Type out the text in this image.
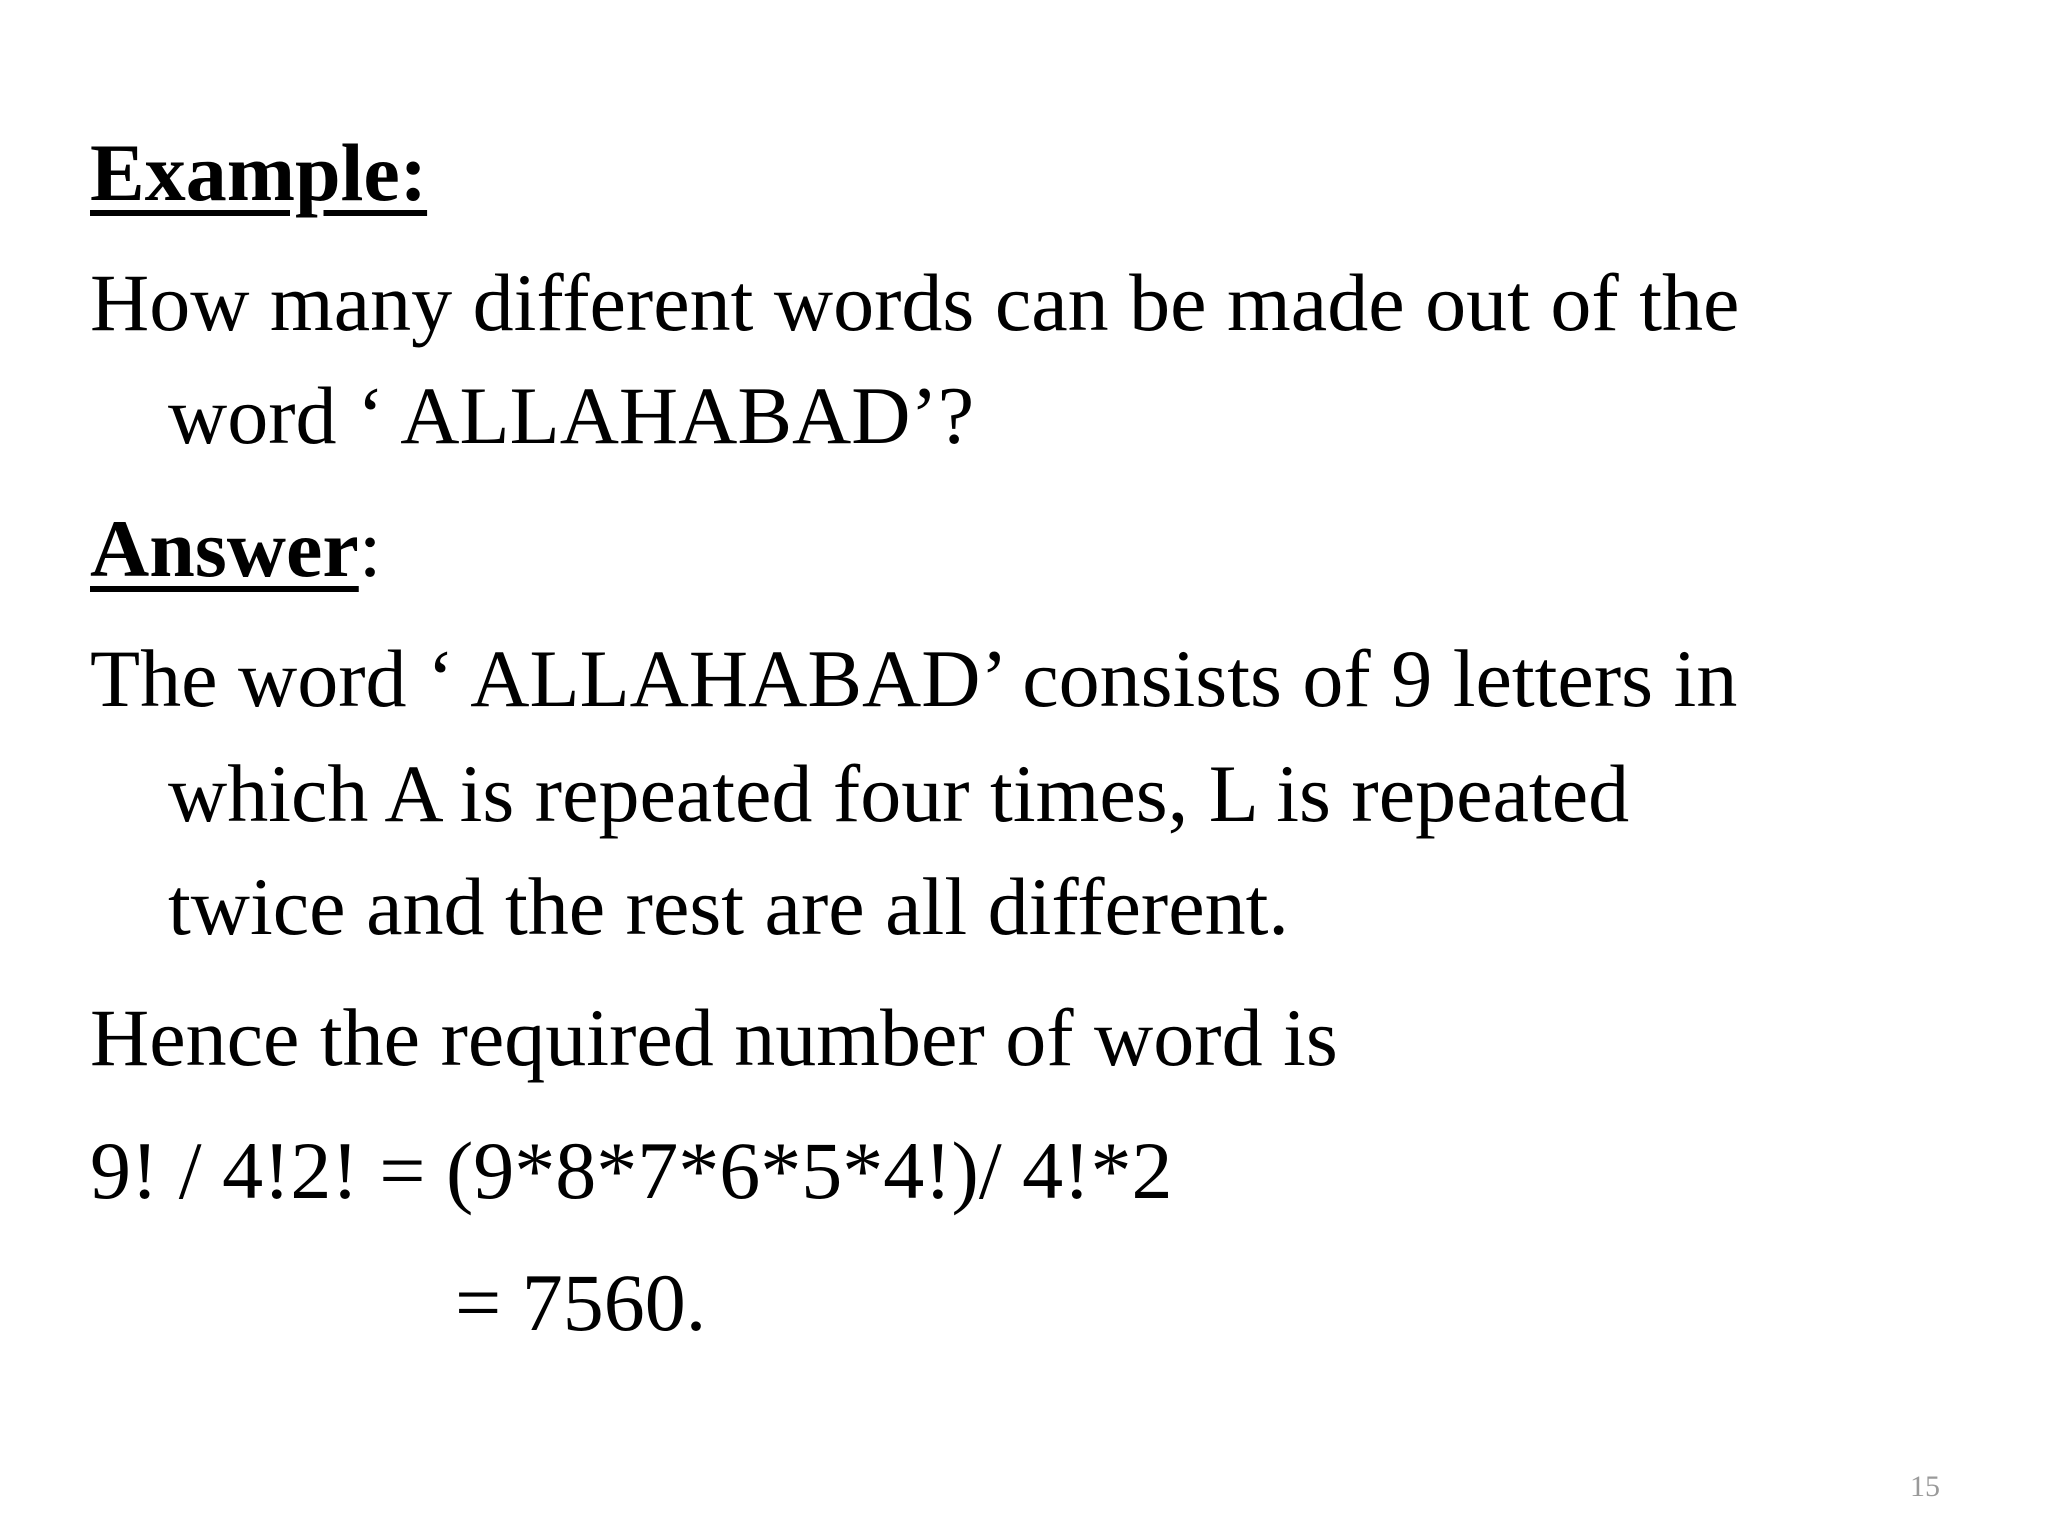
Example:

How many different words can be made out of the

word ‘ ALLAHABAD’?

Answer:

The word ‘ ALLAHABAD’ consists of 9 letters in

which A is repeated four times, L is repeated

twice and the rest are all different.

Hence the required number of word is

9! / 4!2! = (9*8*7*6*5*4!)/ 4!*2

= 7560.

15
